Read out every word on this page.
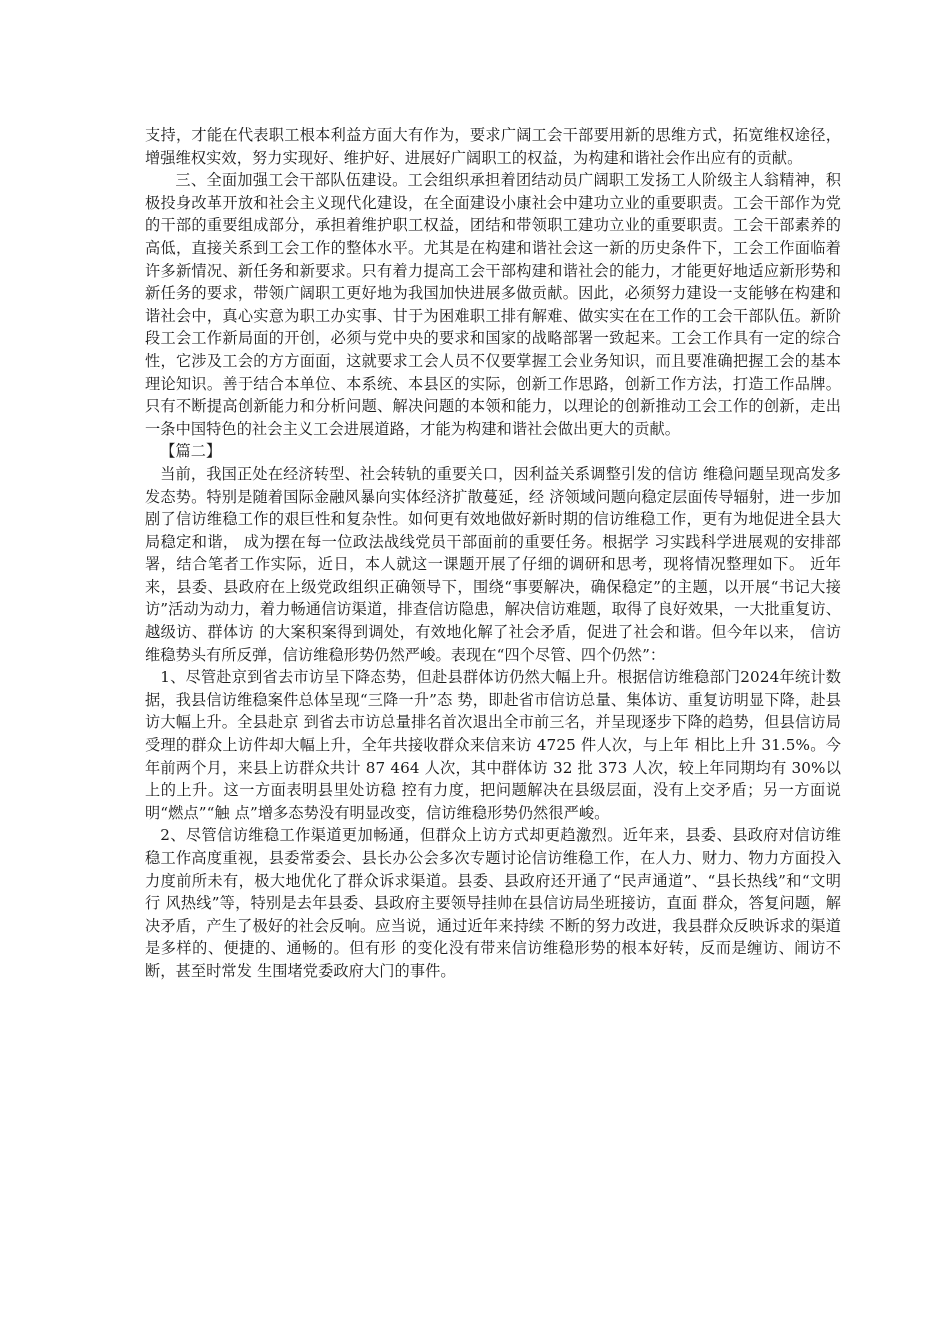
支持，才能在代表职工根本利益方面大有作为，要求广阔工会干部要用新的思维方式，拓宽维权途径，增强维权实效，努力实现好、维护好、进展好广阔职工的权益，为构建和谐社会作出应有的贡献。

三、全面加强工会干部队伍建设。工会组织承担着团结动员广阔职工发扬工人阶级主人翁精神，积极投身改革开放和社会主义现代化建设，在全面建设小康社会中建功立业的重要职责。工会干部作为党的干部的重要组成部分，承担着维护职工权益，团结和带领职工建功立业的重要职责。工会干部素养的高低，直接关系到工会工作的整体水平。尤其是在构建和谐社会这一新的历史条件下，工会工作面临着许多新情况、新任务和新要求。只有着力提高工会干部构建和谐社会的能力，才能更好地适应新形势和新任务的要求，带领广阔职工更好地为我国加快进展多做贡献。因此，必须努力建设一支能够在构建和谐社会中，真心实意为职工办实事、甘于为困难职工排有解难、做实实在在工作的工会干部队伍。新阶段工会工作新局面的开创，必须与党中央的要求和国家的战略部署一致起来。工会工作具有一定的综合性，它涉及工会的方方面面，这就要求工会人员不仅要掌握工会业务知识，而且要准确把握工会的基本理论知识。善于结合本单位、本系统、本县区的实际，创新工作思路，创新工作方法，打造工作品牌。只有不断提高创新能力和分析问题、解决问题的本领和能力，以理论的创新推动工会工作的创新，走出一条中国特色的社会主义工会进展道路，才能为构建和谐社会做出更大的贡献。

【篇二】

当前，我国正处在经济转型、社会转轨的重要关口，因利益关系调整引发的信访 维稳问题呈现高发多发态势。特别是随着国际金融风暴向实体经济扩散蔓延，经 济领域问题向稳定层面传导辐射，进一步加剧了信访维稳工作的艰巨性和复杂性。如何更有效地做好新时期的信访维稳工作，更有为地促进全县大局稳定和谐， 成为摆在每一位政法战线党员干部面前的重要任务。根据学 习实践科学进展观的安排部署，结合笔者工作实际，近日，本人就这一课题开展了仔细的调研和思考，现将情况整理如下。 近年来，县委、县政府在上级党政组织正确领导下，围绕“事要解决，确保稳定”的主题，以开展“书记大接访”活动为动力，着力畅通信访渠道，排查信访隐患，解决信访难题，取得了良好效果，一大批重复访、越级访、群体访 的大案积案得到调处，有效地化解了社会矛盾，促进了社会和谐。但今年以来， 信访维稳势头有所反弹，信访维稳形势仍然严峻。表现在“四个尽管、四个仍然”：

1、尽管赴京到省去市访呈下降态势，但赴县群体访仍然大幅上升。根据信访维稳部门2024年统计数据，我县信访维稳案件总体呈现“三降一升”态 势，即赴省市信访总量、集体访、重复访明显下降，赴县访大幅上升。全县赴京 到省去市访总量排名首次退出全市前三名，并呈现逐步下降的趋势，但县信访局 受理的群众上访件却大幅上升，全年共接收群众来信来访 4725 件人次，与上年 相比上升 31.5%。今年前两个月，来县上访群众共计 87 464 人次，其中群体访 32 批 373 人次，较上年同期均有 30%以上的上升。这一方面表明县里处访稳 控有力度，把问题解决在县级层面，没有上交矛盾；另一方面说明“燃点”“触 点”增多态势没有明显改变，信访维稳形势仍然很严峻。

2、尽管信访维稳工作渠道更加畅通，但群众上访方式却更趋激烈。近年来，县委、县政府对信访维稳工作高度重视，县委常委会、县长办公会多次专题讨论信访维稳工作，在人力、财力、物力方面投入力度前所未有，极大地优化了群众诉求渠道。县委、县政府还开通了“民声通道”、“县长热线”和“文明行 风热线”等，特别是去年县委、县政府主要领导挂帅在县信访局坐班接访，直面 群众，答复问题，解决矛盾，产生了极好的社会反响。应当说，通过近年来持续 不断的努力改进，我县群众反映诉求的渠道是多样的、便捷的、通畅的。但有形 的变化没有带来信访维稳形势的根本好转，反而是缠访、闹访不断，甚至时常发 生围堵党委政府大门的事件。
